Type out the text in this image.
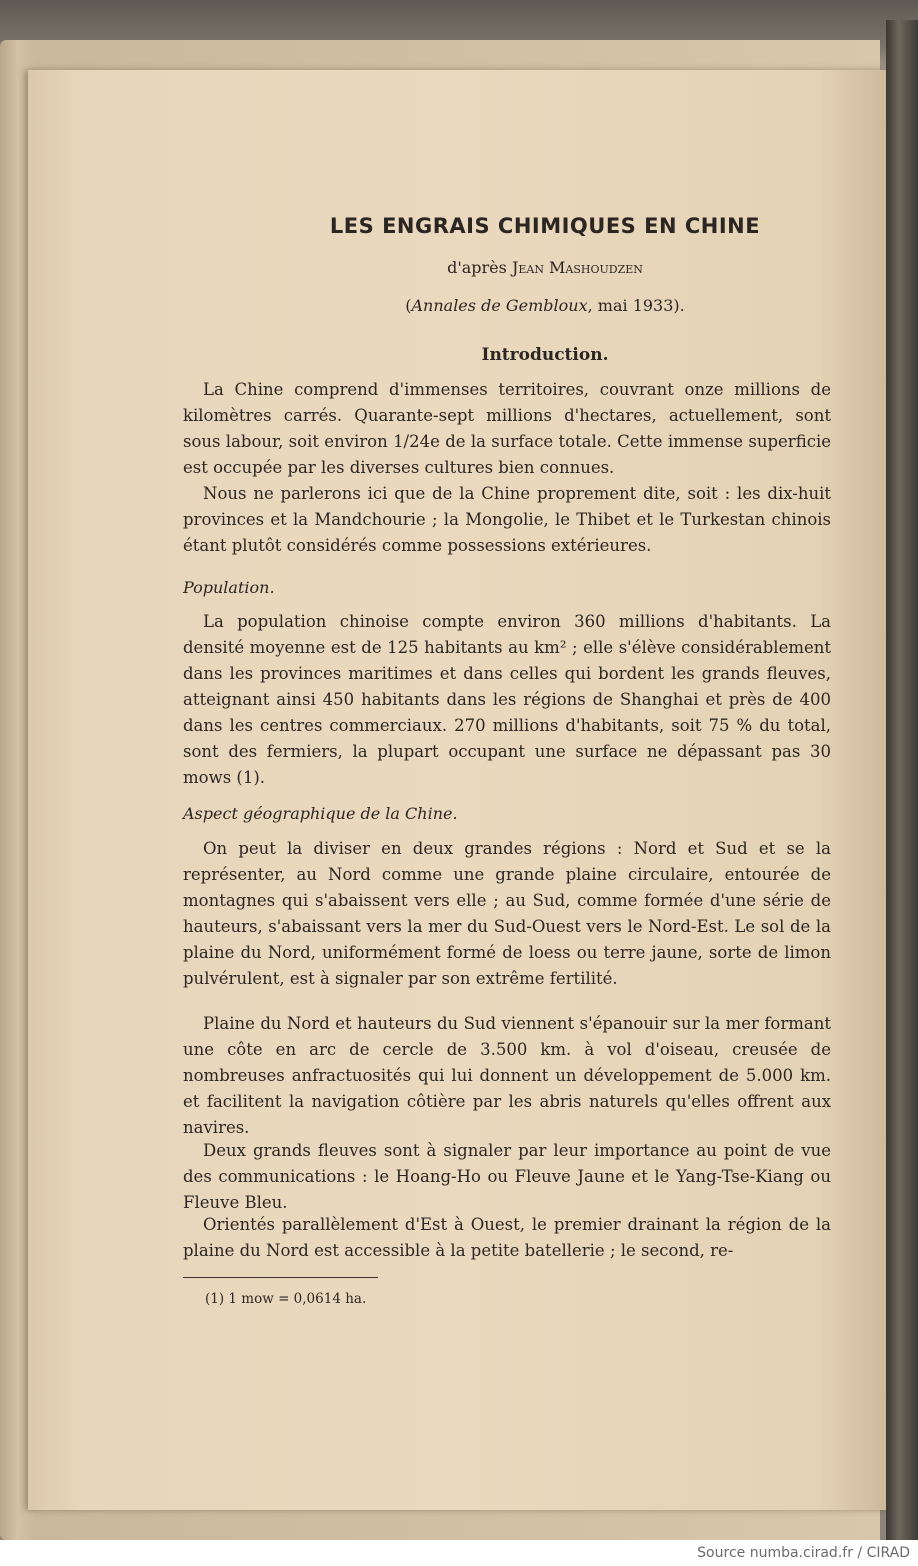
LES ENGRAIS CHIMIQUES EN CHINE
d'après Jean Mashoudzen
(Annales de Gembloux, mai 1933).
Introduction.

La Chine comprend d'immenses territoires, couvrant onze millions de kilomètres carrés. Quarante-sept millions d'hectares, actuellement, sont sous labour, soit environ 1/24e de la surface totale. Cette immense superficie est occupée par les diverses cultures bien connues.

Nous ne parlerons ici que de la Chine proprement dite, soit : les dix-huit provinces et la Mandchourie ; la Mongolie, le Thibet et le Turkestan chinois étant plutôt considérés comme possessions extérieures.

Population.

La population chinoise compte environ 360 millions d'habitants. La densité moyenne est de 125 habitants au km² ; elle s'élève considérablement dans les provinces maritimes et dans celles qui bordent les grands fleuves, atteignant ainsi 450 habitants dans les régions de Shanghai et près de 400 dans les centres commerciaux. 270 millions d'habitants, soit 75 % du total, sont des fermiers, la plupart occupant une surface ne dépassant pas 30 mows (1).

Aspect géographique de la Chine.

On peut la diviser en deux grandes régions : Nord et Sud et se la représenter, au Nord comme une grande plaine circulaire, entourée de montagnes qui s'abaissent vers elle ; au Sud, comme formée d'une série de hauteurs, s'abaissant vers la mer du Sud-Ouest vers le Nord-Est. Le sol de la plaine du Nord, uniformément formé de loess ou terre jaune, sorte de limon pulvérulent, est à signaler par son extrême fertilité.

Plaine du Nord et hauteurs du Sud viennent s'épanouir sur la mer formant une côte en arc de cercle de 3.500 km. à vol d'oiseau, creusée de nombreuses anfractuosités qui lui donnent un développement de 5.000 km. et facilitent la navigation côtière par les abris naturels qu'elles offrent aux navires.

Deux grands fleuves sont à signaler par leur importance au point de vue des communications : le Hoang-Ho ou Fleuve Jaune et le Yang-Tse-Kiang ou Fleuve Bleu.

Orientés parallèlement d'Est à Ouest, le premier drainant la région de la plaine du Nord est accessible à la petite batellerie ; le second, re-

(1) 1 mow = 0,0614 ha.

Source numba.cirad.fr / CIRAD
